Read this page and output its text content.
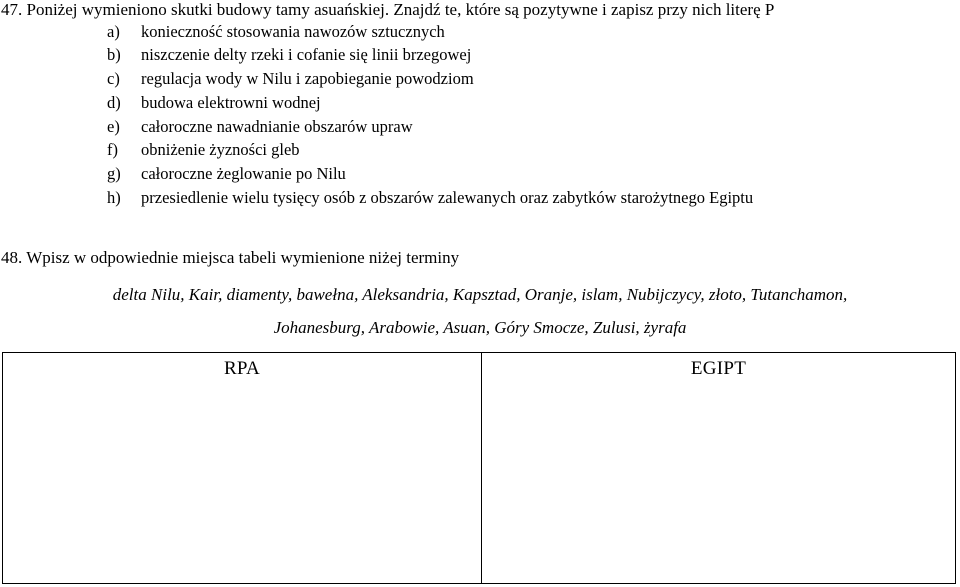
47. Poniżej wymieniono skutki budowy tamy asuańskiej. Znajdź te, które są pozytywne i zapisz przy nich literę P
a) konieczność stosowania nawozów sztucznych
b) niszczenie delty rzeki i cofanie się linii brzegowej
c) regulacja wody w Nilu i zapobieganie powodziom
d) budowa elektrowni wodnej
e) całoroczne nawadnianie obszarów upraw
f) obniżenie żyzności gleb
g) całoroczne żeglowanie po Nilu
h) przesiedlenie wielu tysięcy osób z obszarów zalewanych oraz zabytków starożytnego Egiptu
48. Wpisz w odpowiednie miejsca tabeli wymienione niżej terminy
delta Nilu, Kair, diamenty, bawełna, Aleksandria, Kapsztad, Oranje, islam, Nubijczycy, złoto, Tutanchamon,
Johanesburg, Arabowie, Asuan, Góry Smocze, Zulusi, żyrafa
RPA	EGIPT
